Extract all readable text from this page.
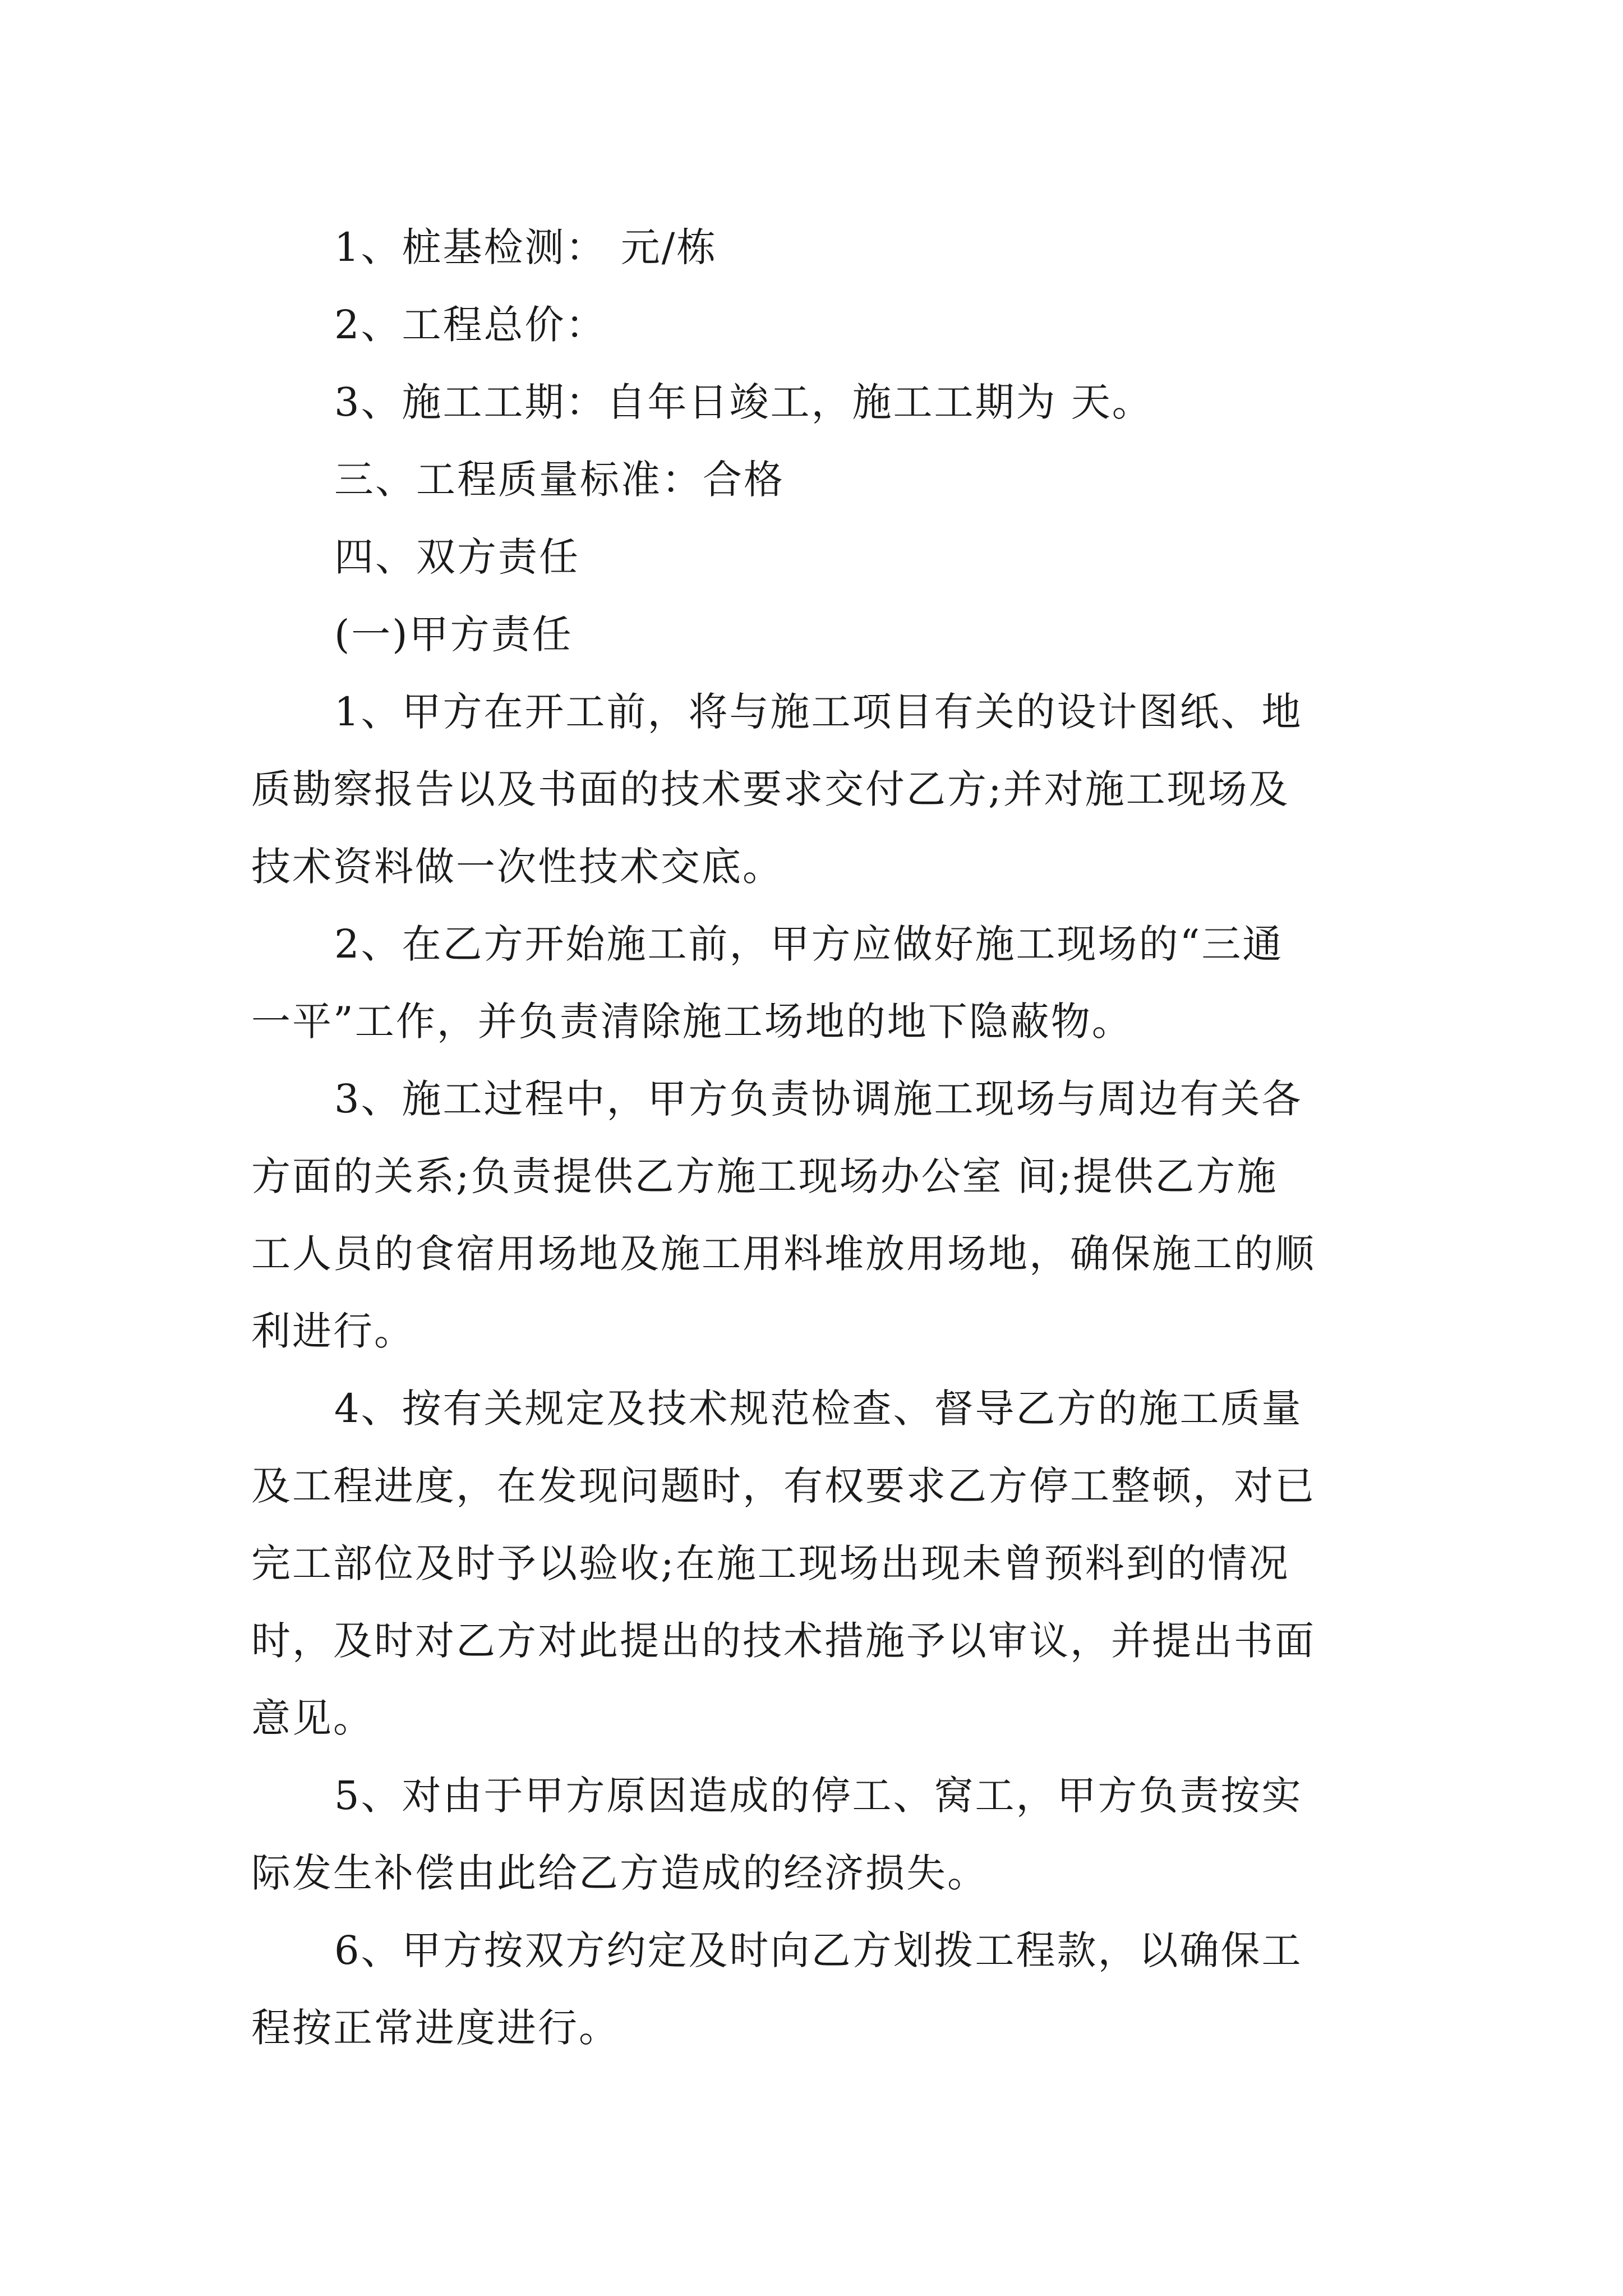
1、桩基检测： 元/栋
2、工程总价：
3、施工工期：自年日竣工，施工工期为 天。
三、工程质量标准：合格
四、双方责任
(一)甲方责任
1、甲方在开工前，将与施工项目有关的设计图纸、地
质勘察报告以及书面的技术要求交付乙方;并对施工现场及
技术资料做一次性技术交底。
2、在乙方开始施工前，甲方应做好施工现场的“三通
一平”工作，并负责清除施工场地的地下隐蔽物。
3、施工过程中，甲方负责协调施工现场与周边有关各
方面的关系;负责提供乙方施工现场办公室 间;提供乙方施
工人员的食宿用场地及施工用料堆放用场地，确保施工的顺
利进行。
4、按有关规定及技术规范检查、督导乙方的施工质量
及工程进度，在发现问题时，有权要求乙方停工整顿，对已
完工部位及时予以验收;在施工现场出现未曾预料到的情况
时，及时对乙方对此提出的技术措施予以审议，并提出书面
意见。
5、对由于甲方原因造成的停工、窝工，甲方负责按实
际发生补偿由此给乙方造成的经济损失。
6、甲方按双方约定及时向乙方划拨工程款，以确保工
程按正常进度进行。
